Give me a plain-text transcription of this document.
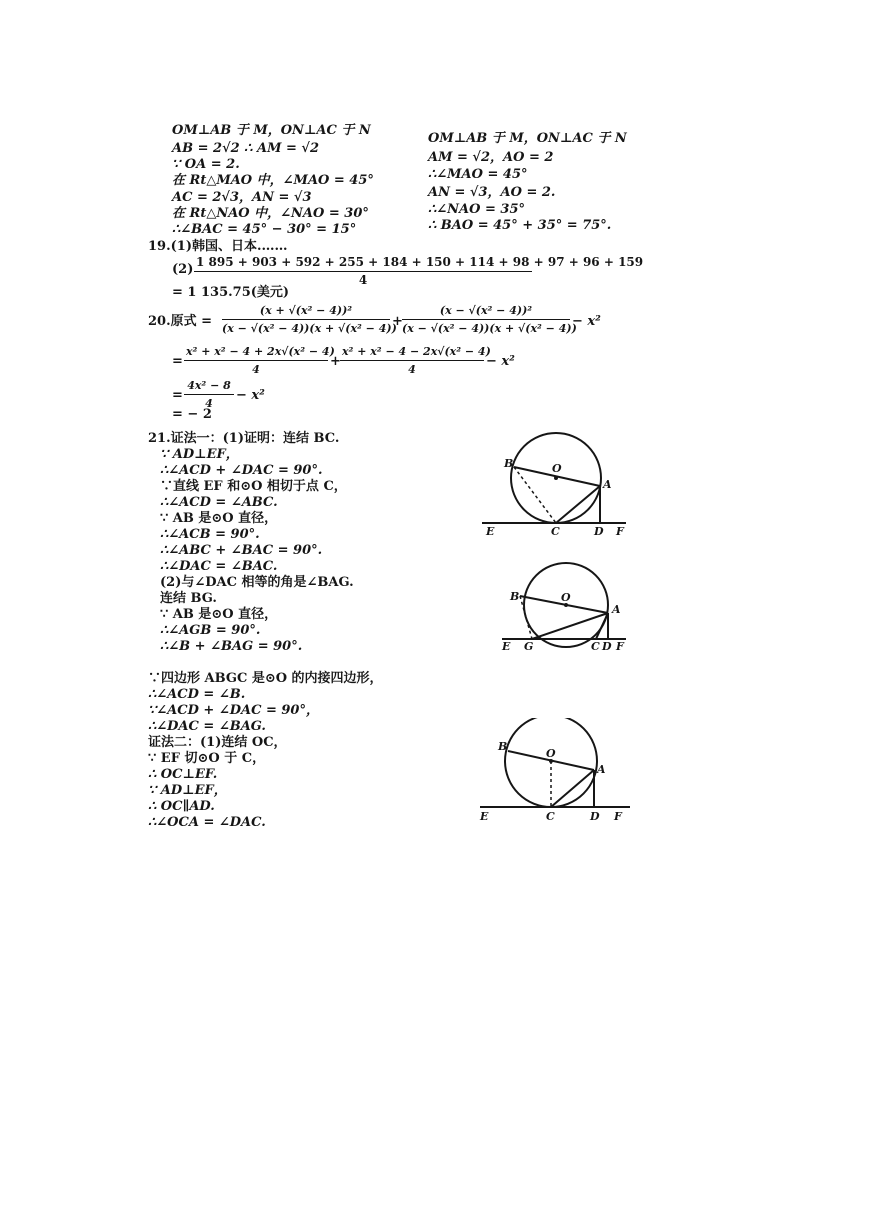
OM⊥AB 于 M，ON⊥AC 于 N
AB = 2√2 ∴ AM = √2
∵ OA = 2.
在 Rt△MAO 中，∠MAO = 45°
AC = 2√3，AN = √3
在 Rt△NAO 中，∠NAO = 30°
∴∠BAC = 45° − 30° = 15°
OM⊥AB 于 M，ON⊥AC 于 N
AM = √2，AO = 2
∴∠MAO = 45°
AN = √3，AO = 2.
∴∠NAO = 35°
∴ BAO = 45° + 35° = 75°.
19.(1)韩国、日本.……
(2) 1 895 + 903 + 592 + 255 + 184 + 150 + 114 + 98 + 97 + 96 + 159
4
= 1 135.75(美元)
20.原式 =
(x + √(x² − 4))²
(x − √(x² − 4))(x + √(x² − 4))
+
(x − √(x² − 4))²
(x − √(x² − 4))(x + √(x² − 4))
− x²
=
x² + x² − 4 + 2x√(x² − 4)
4
+
x² + x² − 4 − 2x√(x² − 4)
4
− x²
=
4x² − 8
4
− x²
= − 2
21.证法一：(1)证明：连结 BC.
∵ AD⊥EF，
∴∠ACD + ∠DAC = 90°.
∵直线 EF 和⊙O 相切于点 C，
∴∠ACD = ∠ABC.
∵ AB 是⊙O 直径，
∴∠ACB = 90°.
∴∠ABC + ∠BAC = 90°.
∴∠DAC = ∠BAC.
(2)与∠DAC 相等的角是∠BAG.
连结 BG.
∵ AB 是⊙O 直径，
∴∠AGB = 90°.
∴∠B + ∠BAG = 90°.
∵四边形 ABGC 是⊙O 的内接四边形，
∴∠ACD = ∠B.
∵∠ACD + ∠DAC = 90°，
∴∠DAC = ∠BAG.
证法二：(1)连结 OC，
∵ EF 切⊙O 于 C，
∴ OC⊥EF.
∵ AD⊥EF，
∴ OC∥AD.
∴∠OCA = ∠DAC.
B	O
A
E	C	D F
B	O
A
E G	C D F
B
O
A
E	C	D F
